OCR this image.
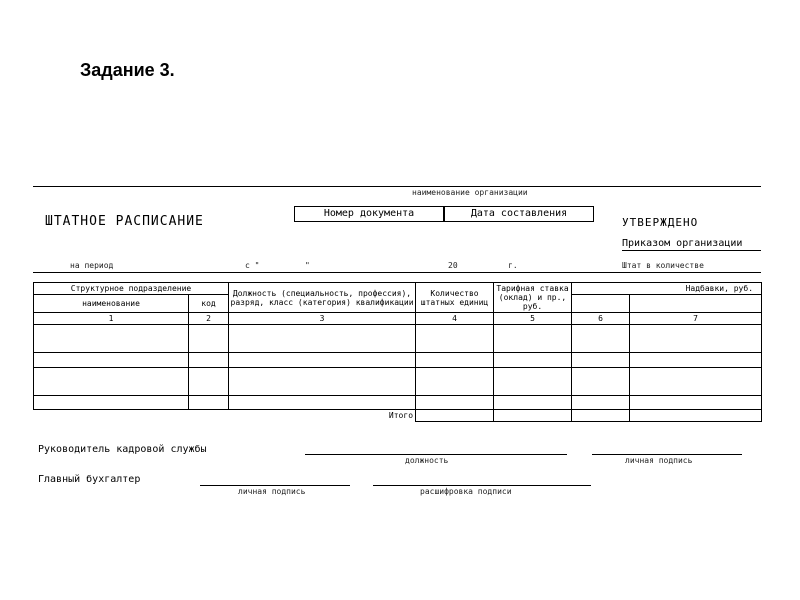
Задание 3.
наименование организации
ШТАТНОЕ РАСПИСАНИЕ
Номер документа	Дата составления
УТВЕРЖДЕНО
Приказом организации
на период	с "	"	20	г.	Штат в количестве
Структурное подразделение		Должность (специальность, профессия), разряд, класс (категория) квалификации	Количество штатных единиц	Тарифная ставка (оклад) и пр., руб.	Надбавки, руб.	
наименование	код					
1	2	3	4	5	6	7

Итого						
Руководитель кадровой службы
должность	личная подпись
Главный бухгалтер
личная подпись	расшифровка подписи
